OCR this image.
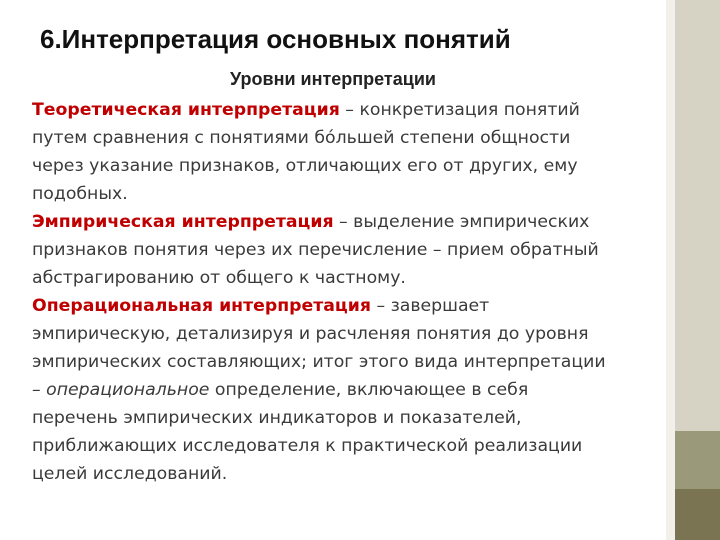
6.Интерпретация основных понятий
Уровни интерпретации
Теоретическая интерпретация – конкретизация понятий
путем сравнения с понятиями бóльшей степени общности
через указание признаков, отличающих его от других, ему
подобных.
Эмпирическая интерпретация – выделение эмпирических
признаков понятия через их перечисление – прием обратный
абстрагированию от общего к частному.
Операциональная интерпретация – завершает
эмпирическую, детализируя и расчленяя понятия до уровня
эмпирических составляющих; итог этого вида интерпретации
– операциональное определение, включающее в себя
перечень эмпирических индикаторов и показателей,
приближающих исследователя к практической реализации
целей исследований.
